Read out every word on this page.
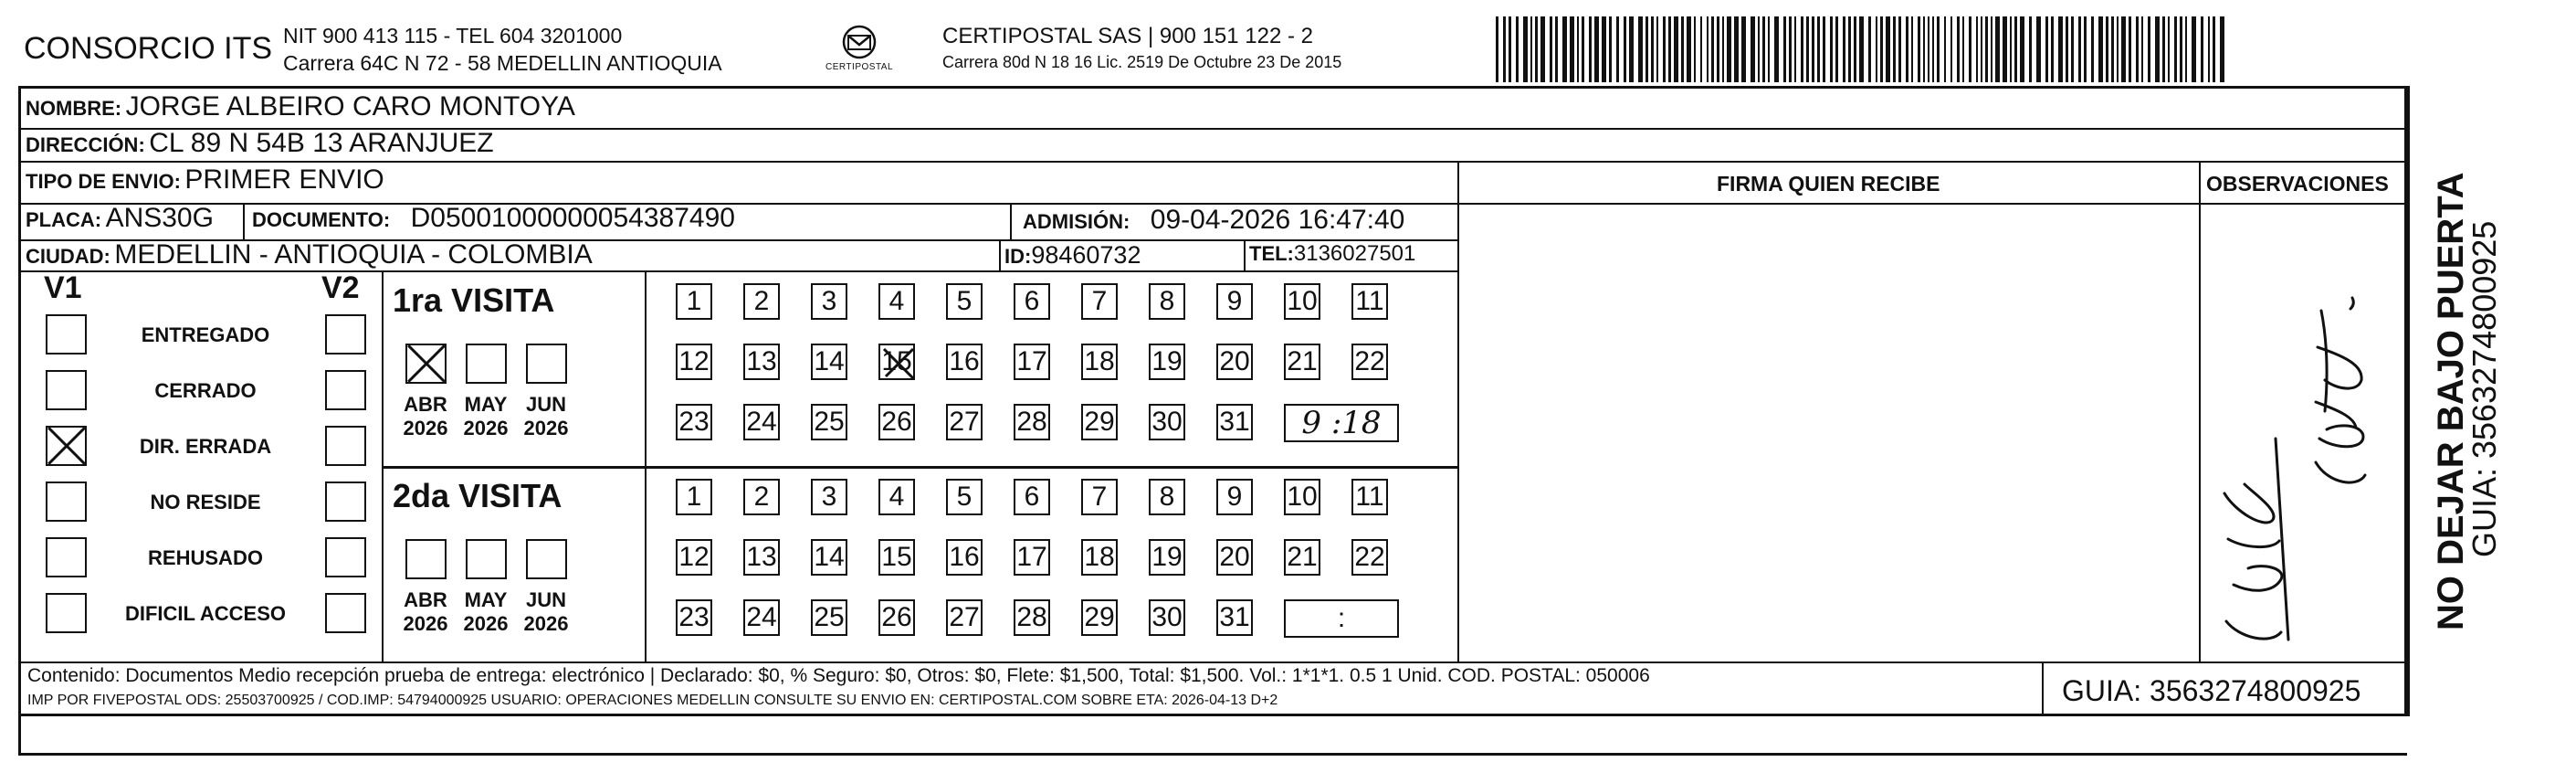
CONSORCIO ITS NIT 900 413 115 - TEL 604 3201000
Carrera 64C N 72 - 58 MEDELLIN ANTIOQUIA	CERTIPOSTAL
CERTIPOSTAL SAS | 900 151 122 - 2
Carrera 80d N 18 16 Lic. 2519 De Octubre 23 De 2015
NOMBRE: JORGE ALBEIRO CARO MONTOYA
DIRECCIÓN: CL 89 N 54B 13 ARANJUEZ
TIPO DE ENVIO: PRIMER ENVIO
PLACA: ANS30G DOCUMENTO: D05001000000054387490	ADMISIÓN: 09-04-2026 16:47:40
CIUDAD: MEDELLIN - ANTIOQUIA - COLOMBIA	ID:98460732	TEL:3136027501
FIRMA QUIEN RECIBE	OBSERVACIONES
V1	V2
ENTREGADO
CERRADO
DIR. ERRADA
NO RESIDE
REHUSADO
DIFICIL ACCESO
1ra VISITA
ABR
2026
MAY
2026
JUN
2026
1 2 3 4 5 6 7 8 9 10 11
12 13 14 15 16 17 18 19 20 21 22
23 24 25 26 27 28 29 30 31 9 :18
2da VISITA
ABR
2026
MAY
2026
JUN
2026
1 2 3 4 5 6 7 8 9 10 11
12 13 14 15 16 17 18 19 20 21 22
23 24 25 26 27 28 29 30 31	:	NO DEJAR BAJO PUERTA
GUIA: 3563274800925
Contenido: Documentos Medio recepción prueba de entrega: electrónico | Declarado: $0, % Seguro: $0, Otros: $0, Flete: $1,500, Total: $1,500. Vol.: 1*1*1. 0.5 1 Unid. COD. POSTAL: 050006
IMP POR FIVEPOSTAL ODS: 25503700925 / COD.IMP: 54794000925 USUARIO: OPERACIONES MEDELLIN CONSULTE SU ENVIO EN: CERTIPOSTAL.COM SOBRE ETA: 2026-04-13 D+2	GUIA: 3563274800925
